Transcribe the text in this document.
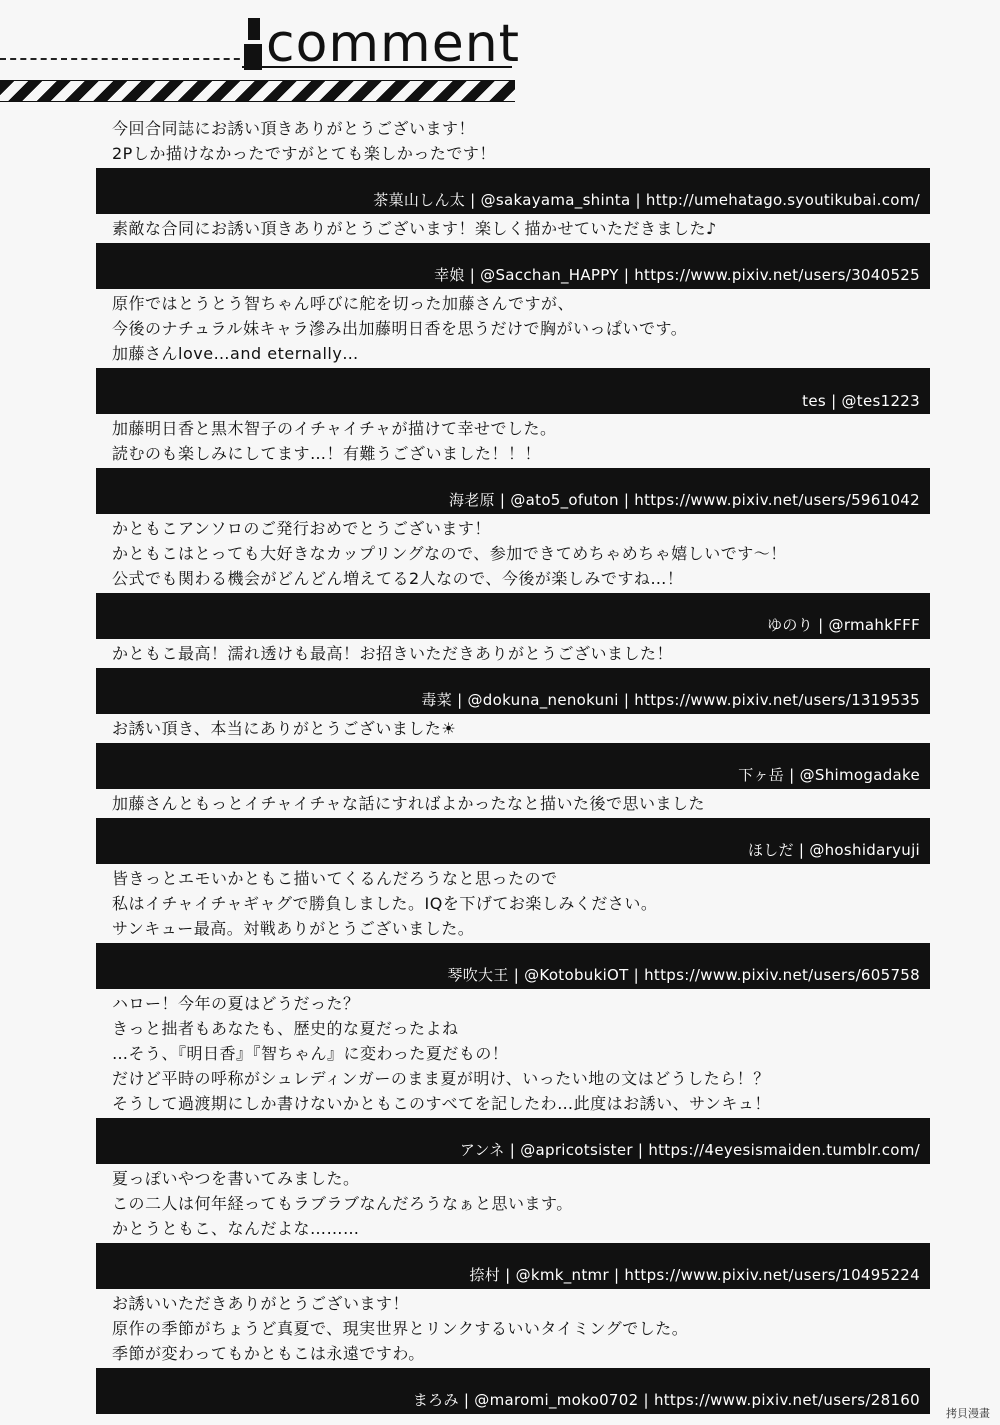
comment
今回合同誌にお誘い頂きありがとうございます！
2Pしか描けなかったですがとても楽しかったです！
茶菓山しん太 | @sakayama_shinta | http://umehatago.syoutikubai.com/
素敵な合同にお誘い頂きありがとうございます！楽しく描かせていただきました♪
幸娘 | @Sacchan_HAPPY | https://www.pixiv.net/users/3040525
原作ではとうとう智ちゃん呼びに舵を切った加藤さんですが、
今後のナチュラル妹キャラ滲み出加藤明日香を思うだけで胸がいっぱいです。
加藤さんlove…and eternally…
tes | @tes1223
加藤明日香と黒木智子のイチャイチャが描けて幸せでした。
読むのも楽しみにしてます…！有難うございました！！！
海老原 | @ato5_ofuton | https://www.pixiv.net/users/5961042
かともこアンソロのご発行おめでとうございます！
かともこはとっても大好きなカップリングなので、参加できてめちゃめちゃ嬉しいです～！
公式でも関わる機会がどんどん増えてる2人なので、今後が楽しみですね…！
ゆのり | @rmahkFFF
かともこ最高！濡れ透けも最高！お招きいただきありがとうございました！
毒菜 | @dokuna_nenokuni | https://www.pixiv.net/users/1319535
お誘い頂き、本当にありがとうございました☀
下ヶ岳 | @Shimogadake
加藤さんともっとイチャイチャな話にすればよかったなと描いた後で思いました
ほしだ | @hoshidaryuji
皆きっとエモいかともこ描いてくるんだろうなと思ったので
私はイチャイチャギャグで勝負しました。IQを下げてお楽しみください。
サンキュー最高。対戦ありがとうございました。
琴吹大王 | @KotobukiOT | https://www.pixiv.net/users/605758
ハロー！今年の夏はどうだった？
きっと拙者もあなたも、歴史的な夏だったよね
…そう、『明日香』『智ちゃん』に変わった夏だもの！
だけど平時の呼称がシュレディンガーのまま夏が明け、いったい地の文はどうしたら！？
そうして過渡期にしか書けないかともこのすべてを記したわ…此度はお誘い、サンキュ！
アンネ | @apricotsister | https://4eyesismaiden.tumblr.com/
夏っぽいやつを書いてみました。
この二人は何年経ってもラブラブなんだろうなぁと思います。
かとうともこ、なんだよな………
捺村 | @kmk_ntmr | https://www.pixiv.net/users/10495224
お誘いいただきありがとうございます！
原作の季節がちょうど真夏で、現実世界とリンクするいいタイミングでした。
季節が変わってもかともこは永遠ですわ。
まろみ | @maromi_moko0702 | https://www.pixiv.net/users/28160
拷貝漫畫
